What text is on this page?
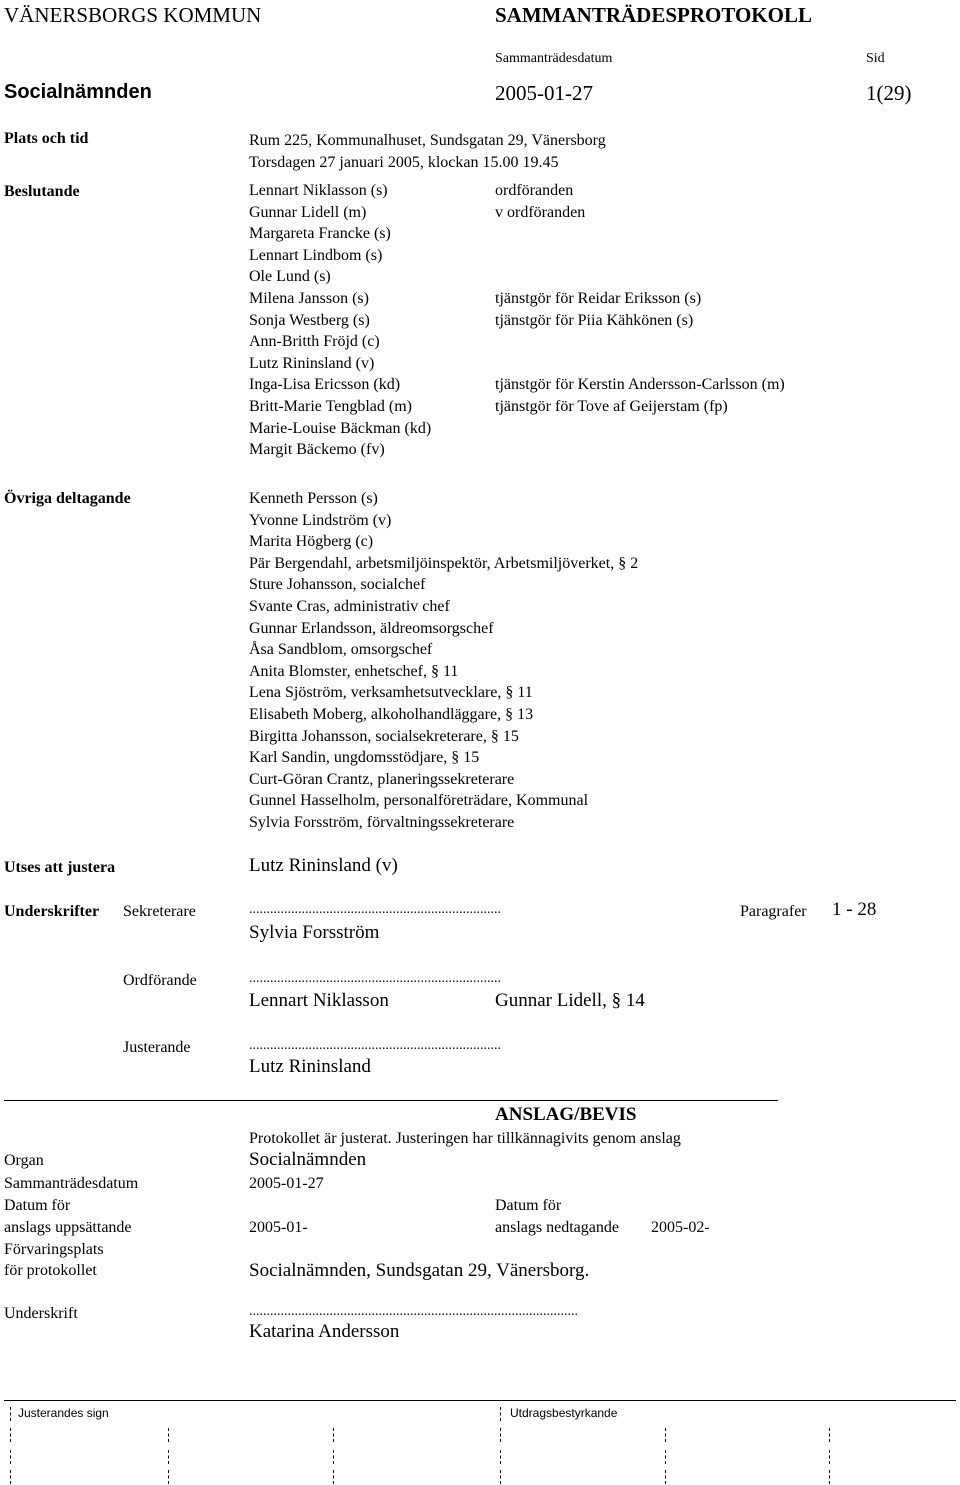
VÄNERSBORGS KOMMUN	SAMMANTRÄDESPROTOKOLL
Sammanträdesdatum	Sid
Socialnämnden	2005-01-27	1(29)
Plats och tid	Rum 225, Kommunalhuset, Sundsgatan 29, Vänersborg
Torsdagen 27 januari 2005, klockan 15.00 19.45
Beslutande	Lennart Niklasson (s)	ordföranden
Gunnar Lidell (m)	v ordföranden
Margareta Francke (s)
Lennart Lindbom (s)
Ole Lund (s)
Milena Jansson (s)	tjänstgör för Reidar Eriksson (s)
Sonja Westberg (s)	tjänstgör för Piia Kähkönen (s)
Ann-Britth Fröjd (c)
Lutz Rininsland (v)
Inga-Lisa Ericsson (kd)	tjänstgör för Kerstin Andersson-Carlsson (m)
Britt-Marie Tengblad (m)	tjänstgör för Tove af Geijerstam (fp)
Marie-Louise Bäckman (kd)
Margit Bäckemo (fv)
Övriga deltagande	Kenneth Persson (s)
Yvonne Lindström (v)
Marita Högberg (c)
Pär Bergendahl, arbetsmiljöinspektör, Arbetsmiljöverket, § 2
Sture Johansson, socialchef
Svante Cras, administrativ chef
Gunnar Erlandsson, äldreomsorgschef
Åsa Sandblom, omsorgschef
Anita Blomster, enhetschef, § 11
Lena Sjöström, verksamhetsutvecklare, § 11
Elisabeth Moberg, alkoholhandläggare, § 13
Birgitta Johansson, socialsekreterare, § 15
Karl Sandin, ungdomsstödjare, § 15
Curt-Göran Crantz, planeringssekreterare
Gunnel Hasselholm, personalföreträdare, Kommunal
Sylvia Forsström, förvaltningssekreterare
Utses att justera	Lutz Rininsland (v)
Underskrifter Sekreterare	........................................................................	Paragrafer 1 - 28
Sylvia Forsström
Ordförande	........................................................................
Lennart Niklasson	Gunnar Lidell, § 14
Justerande	........................................................................
Lutz Rininsland
ANSLAG/BEVIS
Protokollet är justerat. Justeringen har tillkännagivits genom anslag
Organ	Socialnämnden
Sammanträdesdatum	2005-01-27
Datum för	Datum för
anslags uppsättande	2005-01-	anslags nedtagande 2005-02-
Förvaringsplats
för protokollet	Socialnämnden, Sundsgatan 29, Vänersborg.
Underskrift	..............................................................................................
Katarina Andersson
Justerandes sign	Utdragsbestyrkande
